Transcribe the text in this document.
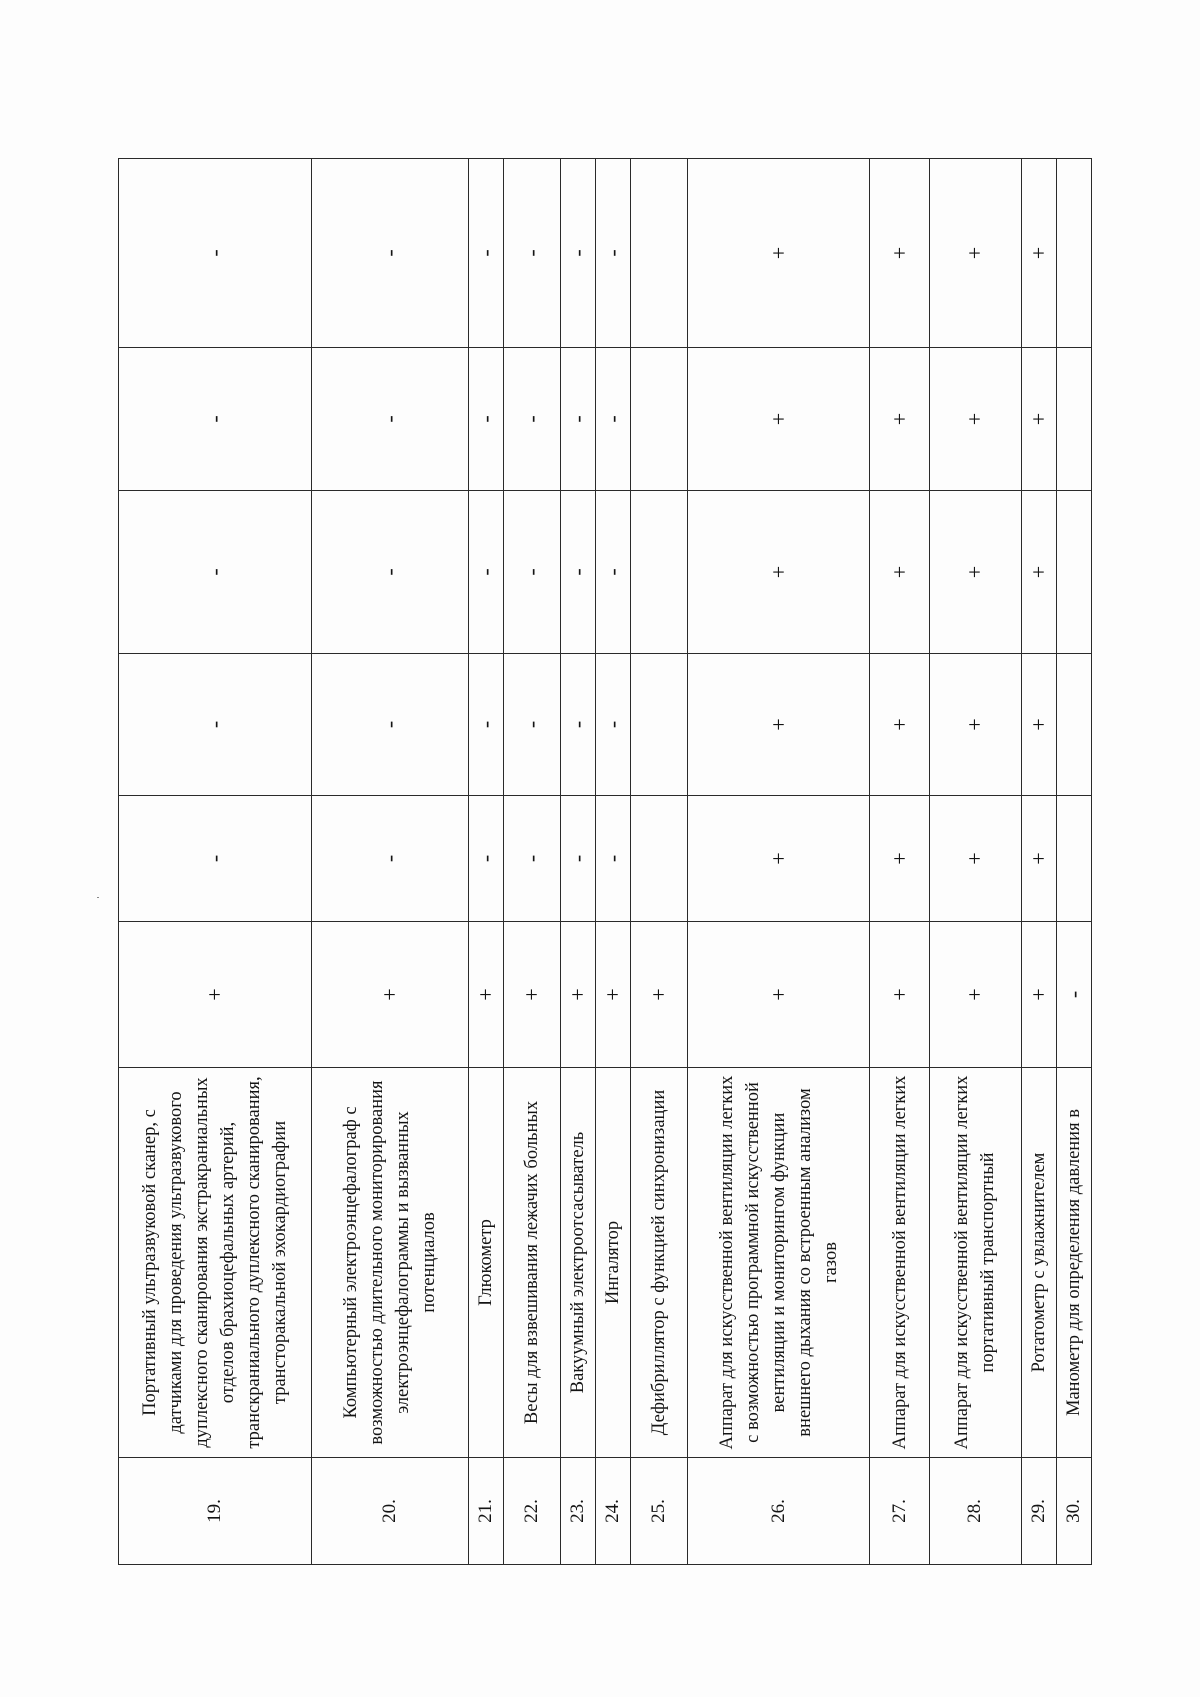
19.	Портативный ультразвуковой сканер, с датчиками для проведения ультразвукового дуплексного сканирования экстракраниальных отделов брахиоцефальных артерий, транскраниального дуплексного сканирования, трансторакальной эхокардиографии	+	-	-	-	-	-
20.	Компьютерный электроэнцефалограф с возможностью длительного мониторирования электроэнцефалограммы и вызванных потенциалов	+	-	-	-	-	-
21.	Глюкометр	+	-	-	-	-	-
22.	Весы для взвешивания лежачих больных	+	-	-	-	-	-
23.	Вакуумный электроотсасыватель	+	-	-	-	-	-
24.	Ингалятор	+	-	-	-	-	-
25.	Дефибриллятор с функцией синхронизации	+					
26.	Аппарат для искусственной вентиляции легких с возможностью программной искусственной вентиляции и мониторингом функции внешнего дыхания со встроенным анализом газов	+	+	+	+	+	+
27.	Аппарат для искусственной вентиляции легких	+	+	+	+	+	+
28.	Аппарат для искусственной вентиляции легких портативный транспортный	+	+	+	+	+	+
29.	Ротатометр с увлажнителем	+	+	+	+	+	+
30.	Манометр для определения давления в	-					
